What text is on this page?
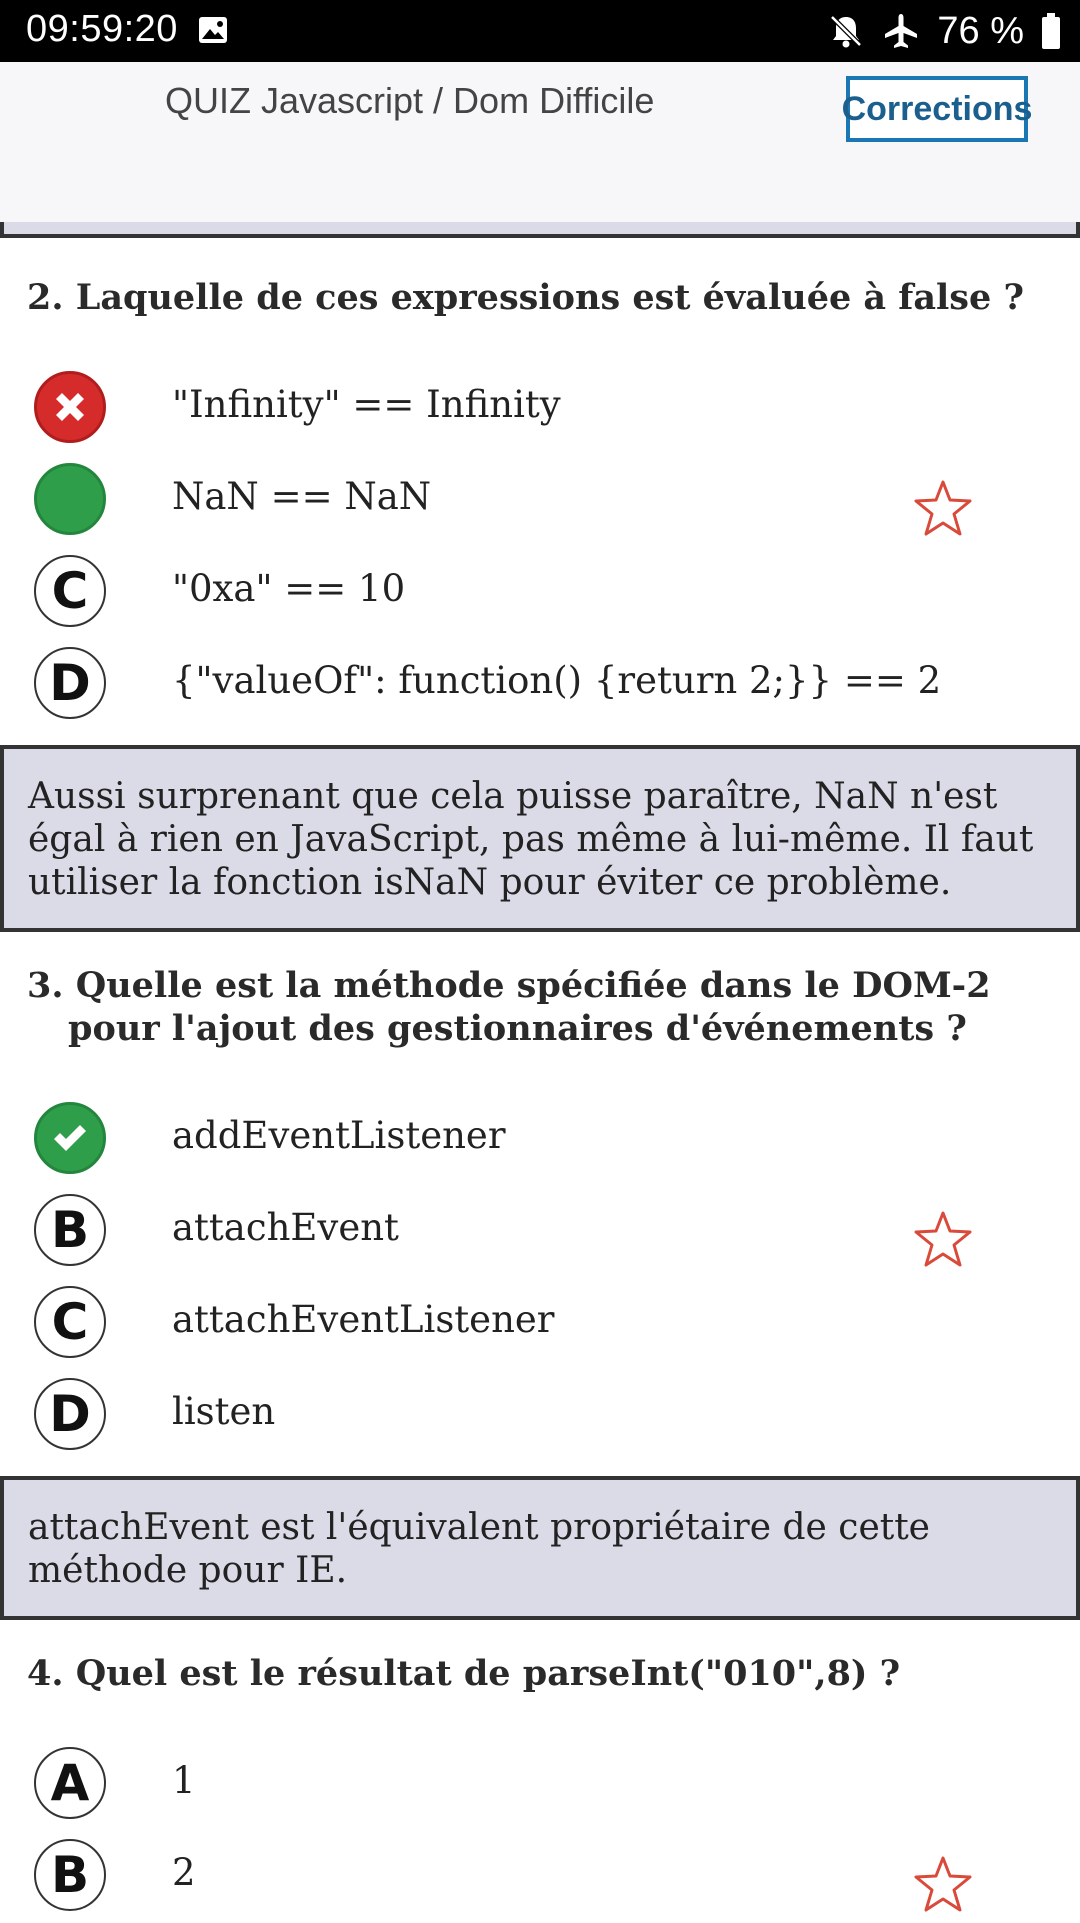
09:59:20	76 %
QUIZ Javascript / Dom Difficile	Corrections
2. Laquelle de ces expressions est évaluée à false ?
"Infinity" == Infinity
NaN == NaN
C	"0xa" == 10
D	{"valueOf": function() {return 2;}} == 2
Aussi surprenant que cela puisse paraître, NaN n'est égal à rien en JavaScript, pas même à lui-même. Il faut utiliser la fonction isNaN pour éviter ce problème.
3. Quelle est la méthode spécifiée dans le DOM-2 pour l'ajout des gestionnaires d'événements ?
addEventListener
B	attachEvent
C	attachEventListener
D	listen
attachEvent est l'équivalent propriétaire de cette méthode pour IE.
4. Quel est le résultat de parseInt("010",8) ?
A	1
B	2
